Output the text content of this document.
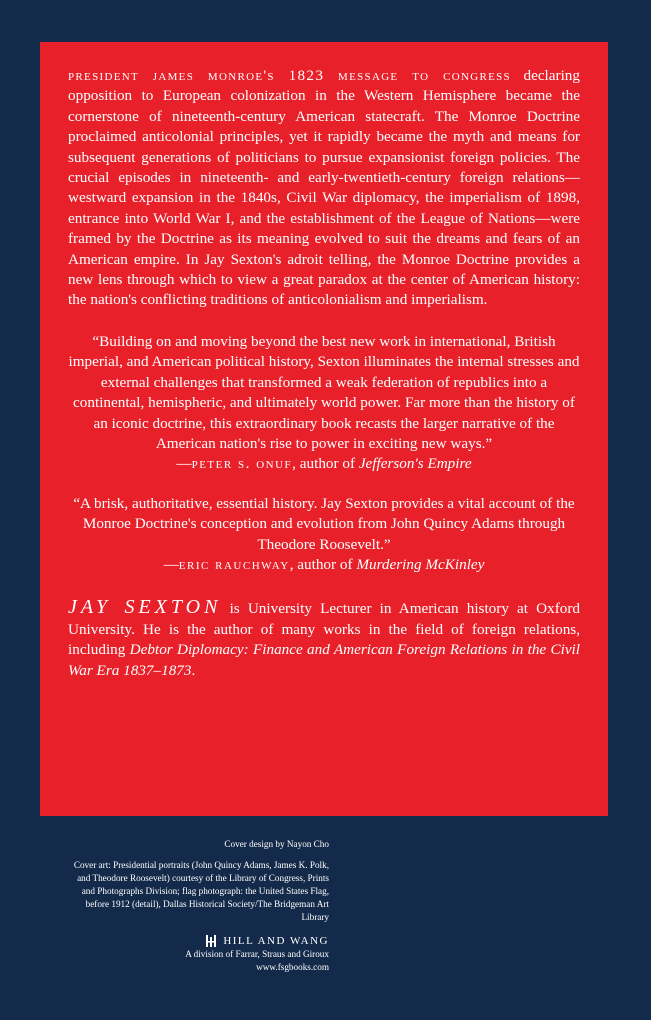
president james monroe's 1823 message to congress declaring opposition to European colonization in the Western Hemisphere became the cornerstone of nineteenth-century American statecraft. The Monroe Doctrine proclaimed anticolonial principles, yet it rapidly became the myth and means for subsequent generations of politicians to pursue expansionist foreign policies. The crucial episodes in nineteenth- and early-twentieth-century foreign relations—westward expansion in the 1840s, Civil War diplomacy, the imperialism of 1898, entrance into World War I, and the establishment of the League of Nations—were framed by the Doctrine as its meaning evolved to suit the dreams and fears of an American empire. In Jay Sexton's adroit telling, the Monroe Doctrine provides a new lens through which to view a great paradox at the center of American history: the nation's conflicting traditions of anticolonialism and imperialism.

“Building on and moving beyond the best new work in international, British imperial, and American political history, Sexton illuminates the internal stresses and external challenges that transformed a weak federation of republics into a continental, hemispheric, and ultimately world power. Far more than the history of an iconic doctrine, this extraordinary book recasts the larger narrative of the American nation's rise to power in exciting new ways.”
—peter s. onuf, author of Jefferson's Empire

“A brisk, authoritative, essential history. Jay Sexton provides a vital account of the Monroe Doctrine's conception and evolution from John Quincy Adams through Theodore Roosevelt.”
—eric rauchway, author of Murdering McKinley

JAY SEXTON is University Lecturer in American history at Oxford University. He is the author of many works in the field of foreign relations, including Debtor Diplomacy: Finance and American Foreign Relations in the Civil War Era 1837–1873.

Cover design by Nayon Cho

Cover art: Presidential portraits (John Quincy Adams, James K. Polk, and Theodore Roosevelt) courtesy of the Library of Congress, Prints and Photographs Division; flag photograph: the United States Flag, before 1912 (detail), Dallas Historical Society/The Bridgeman Art Library

HILL AND WANG

A division of Farrar, Straus and Giroux

www.fsgbooks.com
